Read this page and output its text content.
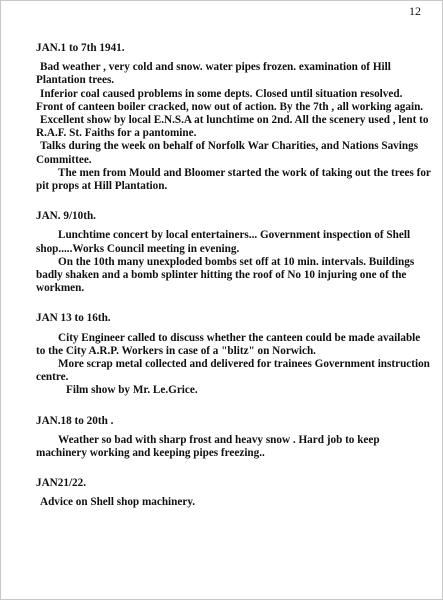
12
JAN.1 to 7th 1941.

Bad weather , very cold and snow. water pipes frozen. examination of Hill Plantation trees.

Inferior coal caused problems in some depts. Closed until situation resolved. Front of canteen boiler cracked, now out of action. By the 7th , all working again.

Excellent show by local E.N.S.A at lunchtime on 2nd. All the scenery used , lent to R.A.F. St. Faiths for a pantomine.

Talks during the week on behalf of Norfolk War Charities, and Nations Savings Committee.

The men from Mould and Bloomer started the work of taking out the trees for pit props at Hill Plantation.

JAN. 9/10th.

Lunchtime concert by local entertainers... Government inspection of Shell shop.....Works Council meeting in evening.

On the 10th many unexploded bombs set off at 10 min. intervals. Buildings badly shaken and a bomb splinter hitting the roof of No 10 injuring one of the workmen.

JAN 13 to 16th.

City Engineer called to discuss whether the canteen could be made available to the City A.R.P. Workers in case of a "blitz" on Norwich.

More scrap metal collected and delivered for trainees Government instruction centre.

Film show by Mr. Le.Grice.

JAN.18 to 20th .

Weather so bad with sharp frost and heavy snow . Hard job to keep machinery working and keeping pipes freezing..

JAN21/22.

Advice on Shell shop machinery.
